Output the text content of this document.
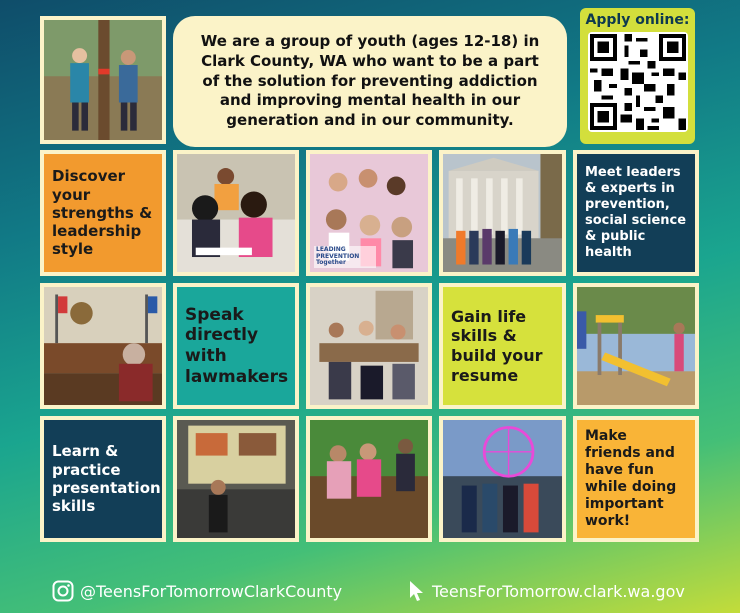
We are a group of youth (ages 12-18) in Clark County, WA who want to be a part of the solution for preventing addiction and improving mental health in our generation and in our community.
Apply online:
Discover your strengths & leadership style	LEADING PREVENTION Together
Meet leaders & experts in prevention, social science & public health
Speak directly with lawmakers
Gain life skills & build your resume
Learn & practice presentation skills
Make friends and have fun while doing important work!
@TeensForTomorrowClarkCounty	TeensForTomorrow.clark.wa.gov
